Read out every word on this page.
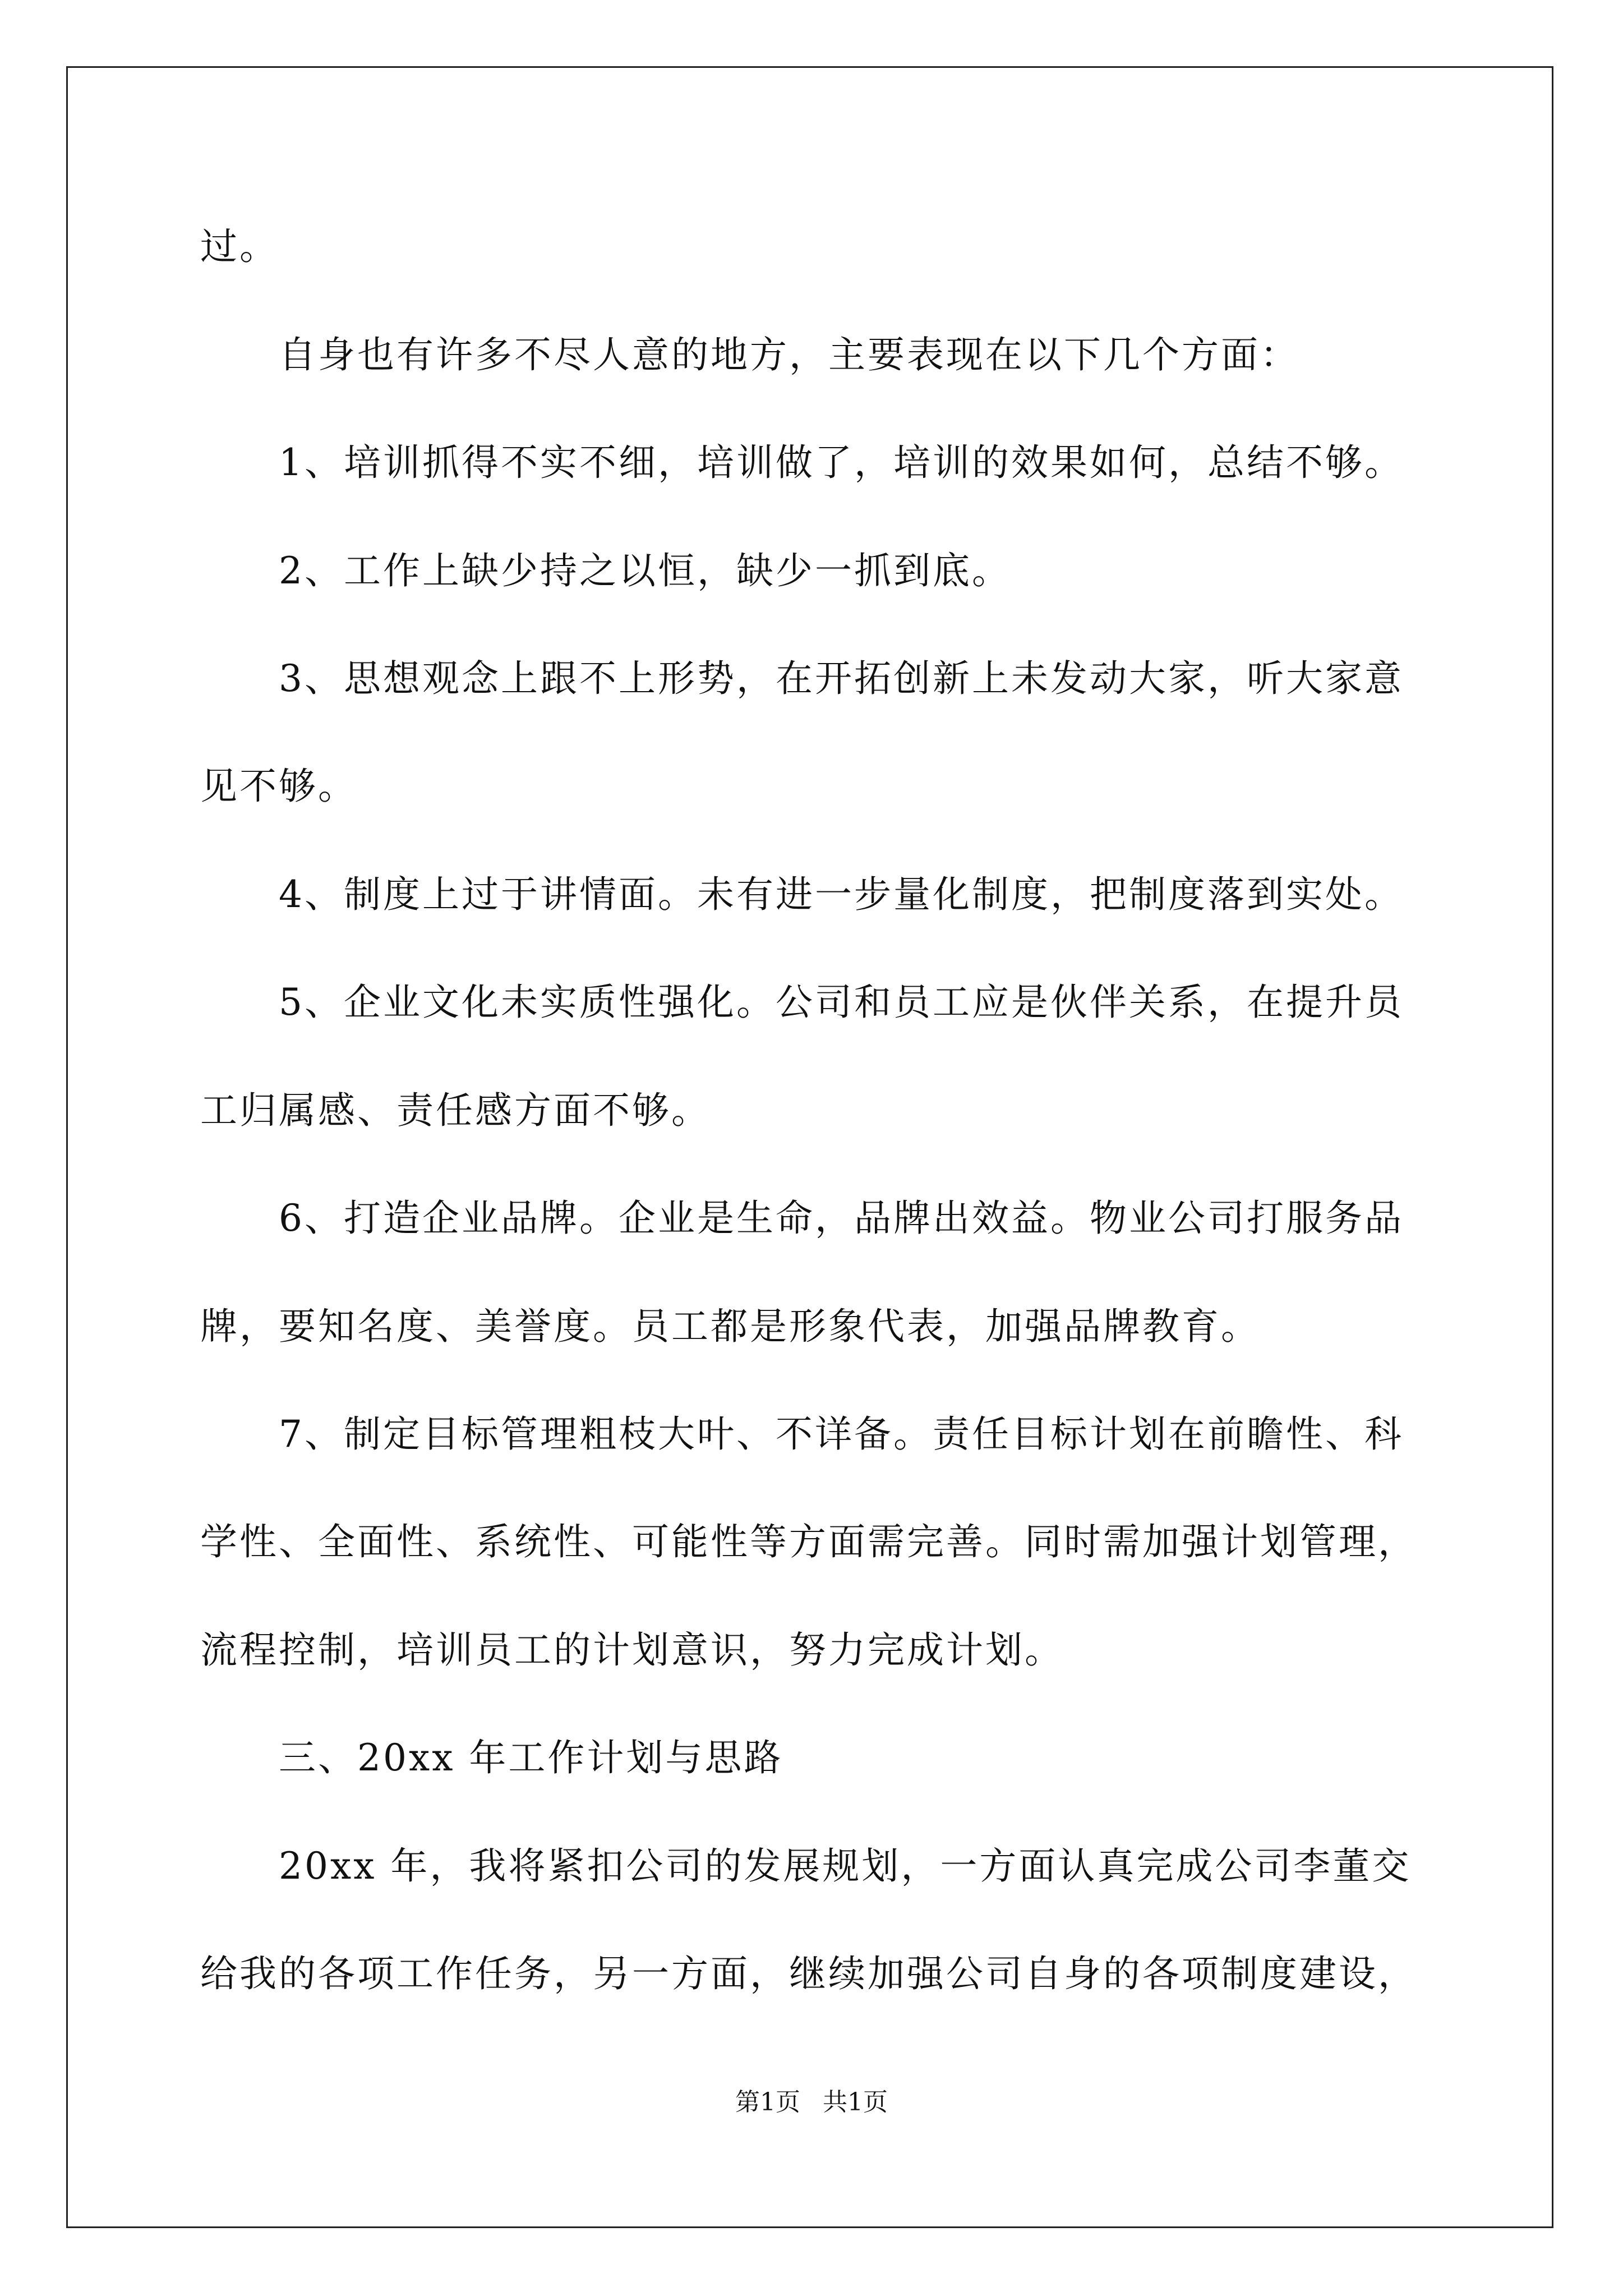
过。
自身也有许多不尽人意的地方，主要表现在以下几个方面：
1、培训抓得不实不细，培训做了，培训的效果如何，总结不够。
2、工作上缺少持之以恒，缺少一抓到底。
3、思想观念上跟不上形势，在开拓创新上未发动大家，听大家意
见不够。
4、制度上过于讲情面。未有进一步量化制度，把制度落到实处。
5、企业文化未实质性强化。公司和员工应是伙伴关系，在提升员
工归属感、责任感方面不够。
6、打造企业品牌。企业是生命，品牌出效益。物业公司打服务品
牌，要知名度、美誉度。员工都是形象代表，加强品牌教育。
7、制定目标管理粗枝大叶、不详备。责任目标计划在前瞻性、科
学性、全面性、系统性、可能性等方面需完善。同时需加强计划管理，
流程控制，培训员工的计划意识，努力完成计划。
三、20xx 年工作计划与思路
20xx 年，我将紧扣公司的发展规划，一方面认真完成公司李董交
给我的各项工作任务，另一方面，继续加强公司自身的各项制度建设，
第1页 共1页
